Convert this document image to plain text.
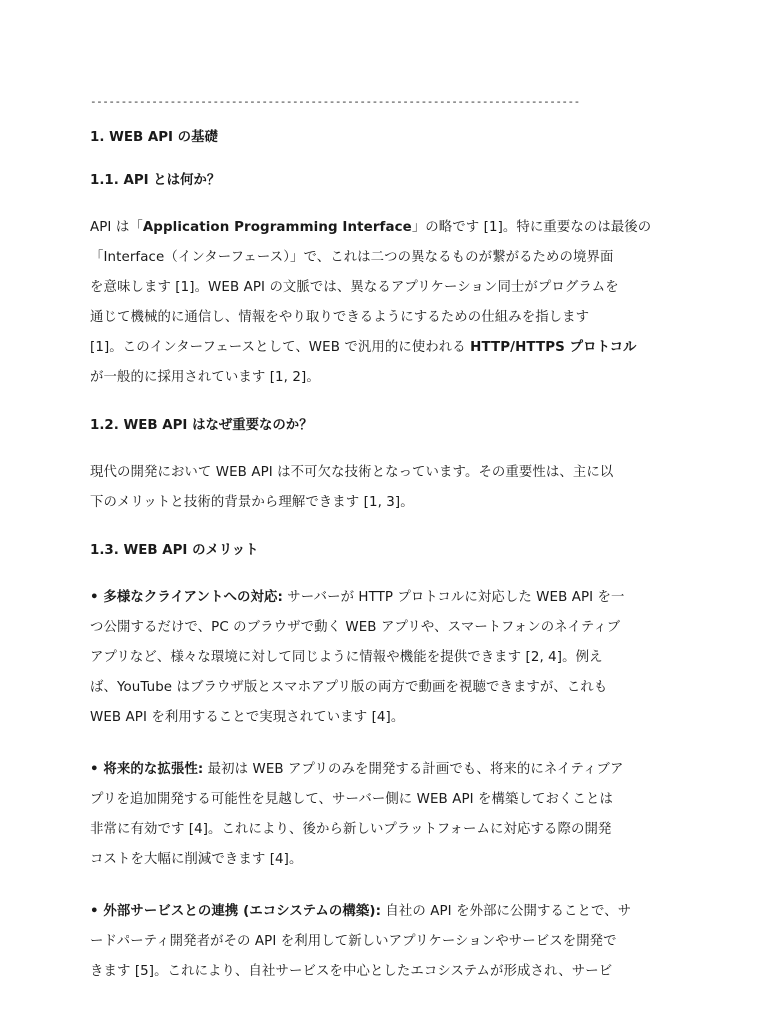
--------------------------------------------------------------------------------
1. WEB API の基礎
1.1. API とは何か？
API は「Application Programming Interface」の略です [1]。特に重要なのは最後の
「Interface（インターフェース）」で、これは二つの異なるものが繋がるための境界面
を意味します [1]。WEB API の文脈では、異なるアプリケーション同士がプログラムを
通じて機械的に通信し、情報をやり取りできるようにするための仕組みを指します
[1]。このインターフェースとして、WEB で汎用的に使われる HTTP/HTTPS プロトコル
が一般的に採用されています [1, 2]。
1.2. WEB API はなぜ重要なのか？
現代の開発において WEB API は不可欠な技術となっています。その重要性は、主に以
下のメリットと技術的背景から理解できます [1, 3]。
1.3. WEB API のメリット
• 多様なクライアントへの対応: サーバーが HTTP プロトコルに対応した WEB API を一
つ公開するだけで、PC のブラウザで動く WEB アプリや、スマートフォンのネイティブ
アプリなど、様々な環境に対して同じように情報や機能を提供できます [2, 4]。例え
ば、YouTube はブラウザ版とスマホアプリ版の両方で動画を視聴できますが、これも
WEB API を利用することで実現されています [4]。
• 将来的な拡張性: 最初は WEB アプリのみを開発する計画でも、将来的にネイティブア
プリを追加開発する可能性を見越して、サーバー側に WEB API を構築しておくことは
非常に有効です [4]。これにより、後から新しいプラットフォームに対応する際の開発
コストを大幅に削減できます [4]。
• 外部サービスとの連携 (エコシステムの構築): 自社の API を外部に公開することで、サ
ードパーティ開発者がその API を利用して新しいアプリケーションやサービスを開発で
きます [5]。これにより、自社サービスを中心としたエコシステムが形成され、サービ
